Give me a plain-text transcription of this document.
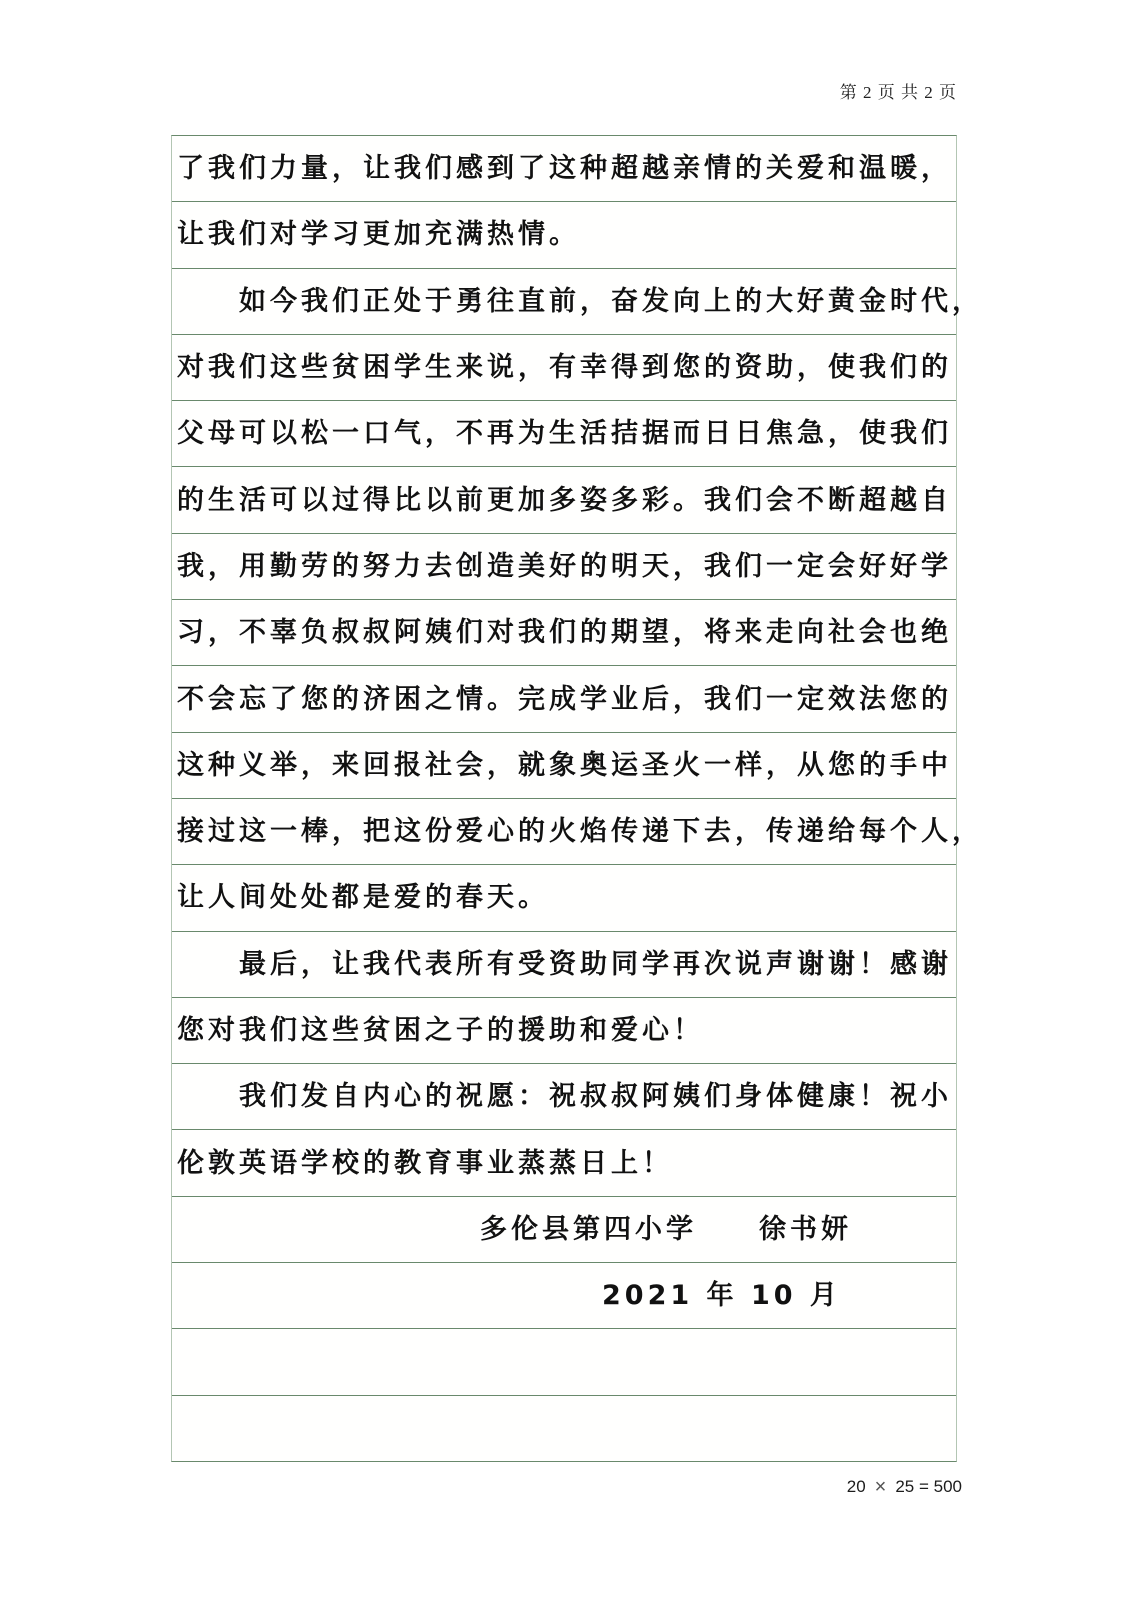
第 2 页 共 2 页
了我们力量，让我们感到了这种超越亲情的关爱和温暖，
让我们对学习更加充满热情。
如今我们正处于勇往直前，奋发向上的大好黄金时代，
对我们这些贫困学生来说，有幸得到您的资助，使我们的
父母可以松一口气，不再为生活拮据而日日焦急，使我们
的生活可以过得比以前更加多姿多彩。我们会不断超越自
我，用勤劳的努力去创造美好的明天，我们一定会好好学
习，不辜负叔叔阿姨们对我们的期望，将来走向社会也绝
不会忘了您的济困之情。完成学业后，我们一定效法您的
这种义举，来回报社会，就象奥运圣火一样，从您的手中
接过这一棒，把这份爱心的火焰传递下去，传递给每个人，
让人间处处都是爱的春天。
最后，让我代表所有受资助同学再次说声谢谢！感谢
您对我们这些贫困之子的援助和爱心！
我们发自内心的祝愿：祝叔叔阿姨们身体健康！祝小
伦敦英语学校的教育事业蒸蒸日上！
多伦县第四小学　　徐书妍
2021 年 10 月
20 × 25 = 500
